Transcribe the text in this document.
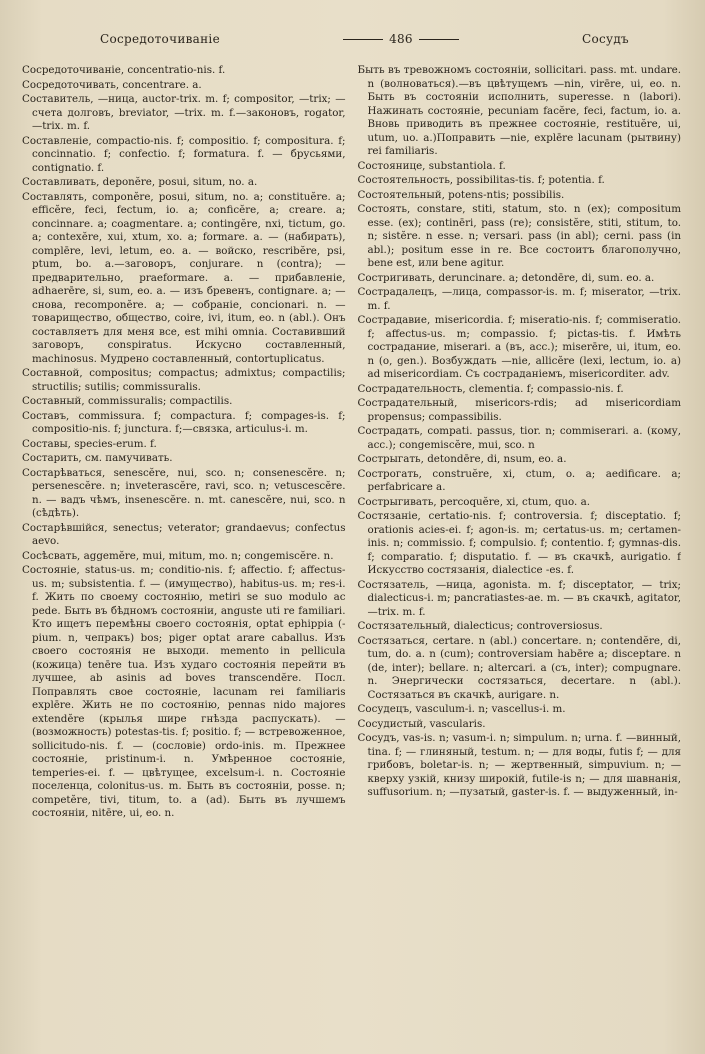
Сосредоточиваніе	486	Сосудъ

Сосредоточиваніе, concentratio-nis. f.

Сосредоточивать, concentrare. a.

Составитель, —ница, auctor-trix. m. f; compositor, —trix; — счета долговъ, breviator, —trix. m. f.—законовъ, rogator, —trix. m. f.

Составленіе, compactio-nis. f; compositio. f; compositura. f; concinnatio. f; confectio. f; formatura. f. — брусьями, contignatio. f.

Составливать, deponĕre, posui, situm, no. a.

Составлять, componĕre, posui, situm, no. a; constituĕre. a; efficĕre, feci, fectum, io. a; conficĕre, a; creare. a; concinnare. a; coagmentare. a; contingĕre, nxi, tictum, go. a; contexĕre, xui, xtum, xo. a; formare. a. — (набирать), complēre, levi, letum, eo. a. — войско, rescribĕre, psi, ptum, bo. a.—заговоръ, conjurare. n (contra); — предварительно, praeformare. a. — прибавленіе, adhaerēre, si, sum, eo. a. — изъ бревенъ, contignare. a; — снова, recomponĕre. a; — собраніе, concionari. n. — товарищество, общество, coire, ivi, itum, eo. n (abl.). Онъ составляетъ для меня все, est mihi omnia. Составивший заговоръ, conspiratus. Искусно составленный, machinosus. Мудрено составленный, contortuplicatus.

Составной, compositus; compactus; admixtus; compactilis; structilis; sutilis; commissuralis.

Составный, commissuralis; compactilis.

Составъ, commissura. f; compactura. f; compages-is. f; compositio-nis. f; junctura. f;—связка, articulus-i. m.

Составы, species-erum. f.

Состарить, см. памучивать.

Состарѣваться, senescĕre, nui, sco. n; consenescĕre. n; persenescĕre. n; inveterascĕre, ravi, sco. n; vetuscescĕre. n. — вадъ чѣмъ, insenescĕre. n. mt. canescĕre, nui, sco. n (сѣдѣть).

Состарѣвшійся, senectus; veterator; grandaevus; confectus aevo.

Сосѣсвать, aggemĕre, mui, mitum, mo. n; congemiscĕre. n.

Состояніе, status-us. m; conditio-nis. f; affectio. f; affectus-us. m; subsistentia. f. — (имущество), habitus-us. m; res-i. f. Жить по своему состоянію, metiri se suo modulo ac pede. Быть въ бѣдномъ состояніи, anguste uti re familiari. Кто ищетъ перемѣны своего состоянія, optat ephippia (-pium. n, чепракъ) bos; piger optat arare caballus. Изъ своего состоянія не выходи. memento in pellicula (кожица) tenēre tua. Изъ худаго состоянія перейти въ лучшее, ab asinis ad boves transcendĕre. Посл. Поправлять свое состояніе, lacunam rei familiaris explēre. Жить не по состоянію, pennas nido majores extendĕre (крылья шире гнѣзда распускать). — (возможность) potestas-tis. f; positio. f; — встревоженное, sollicitudo-nis. f. — (сословіе) ordo-inis. m. Прежнее состояніе, pristinum-i. n. Умѣренное состояніе, temperies-ei. f. — цвѣтущее, excelsum-i. n. Состояніе поселенца, colonitus-us. m. Быть въ состояніи, posse. n; competĕre, tivi, titum, to. a (ad). Быть въ лучшемъ состояніи, nitēre, ui, eo. n.

Быть въ тревожномъ состояніи, sollicitari. pass. mt. undare. n (волноваться).—въ цвѣтущемъ —nin, virēre, ui, eo. n. Быть въ состояніи исполнить, superesse. n (labori). Нажинать состояніе, pecuniam facĕre, feci, factum, io. a. Вновь приводить въ прежнее состояніе, restituĕre, ui, utum, uo. a.)Поправить —nie, explēre lacunam (рытвину) rei familiaris.

Состоянице, substantiola. f.

Состоятельность, possibilitas-tis. f; potentia. f.

Состоятельный, potens-ntis; possibilis.

Состоять, constare, stiti, statum, sto. n (ex); compositum esse. (ex); continēri, pass (re); consistĕre, stiti, stitum, to. n; sistĕre. n esse. n; versari. pass (in abl); cerni. pass (in abl.); positum esse in re. Все состоитъ благополучно, bene est, или bene agitur.

Состригивать, deruncinare. a; detondēre, di, sum. eo. a.

Сострадалецъ, —лица, compassor-is. m. f; miserator, —trix. m. f.

Сострадавие, misericordia. f; miseratio-nis. f; commiseratio. f; affectus-us. m; compassio. f; pictas-tis. f. Имѣть сострадание, miserari. a (въ, acc.); miserēre, ui, itum, eo. n (o, gen.). Возбуждать —nie, allicĕre (lexi, lectum, io. a) ad misericordiam. Съ состраданіемъ, misericorditer. adv.

Сострадательность, clementia. f; compassio-nis. f.

Сострадательный, misericors-rdis; ad misericordiam propensus; compassibilis.

Сострадать, compati. passus, tior. n; commiserari. a. (кому, acc.); congemiscĕre, mui, sco. n

Сострыгать, detondēre, di, nsum, eo. a.

Сострогать, construĕre, xi, ctum, o. a; aedificare. a; perfabricare a.

Сострыгивать, percoquĕre, xi, ctum, quo. a.

Состязаніе, certatio-nis. f; controversia. f; disceptatio. f; orationis acies-ei. f; agon-is. m; certatus-us. m; certamen-inis. n; commissio. f; compulsio. f; contentio. f; gymnas-dis. f; comparatio. f; disputatio. f. — въ скачкѣ, aurigatio. f Искусство состязанія, dialectice -es. f.

Состязатель, —ница, agonista. m. f; disceptator, — trix; dialecticus-i. m; pancratiastes-ae. m. — въ скачкѣ, agitator, —trix. m. f.

Состязательный, dialecticus; controversiosus.

Состязаться, certare. n (abl.) concertare. n; contendĕre, di, tum, do. a. n (cum); controversiam habēre a; disceptare. n (de, inter); bellare. n; altercari. a (съ, inter); compugnare. n. Энергически состязаться, decertare. n (abl.). Состязаться въ скачкѣ, aurigare. n.

Сосудецъ, vasculum-i. n; vascellus-i. m.

Сосудистый, vascularis.

Сосудъ, vas-is. n; vasum-i. n; simpulum. n; urna. f. —винный, tina. f; — глиняный, testum. n; — для воды, futis f; — для грибовъ, boletar-is. n; — жертвенный, simpuvium. n; — кверху узкій, книзу широкій, futile-is n; — для шавнанія, suffusorium. n; —пузатый, gaster-is. f. — выдуженный, in-
